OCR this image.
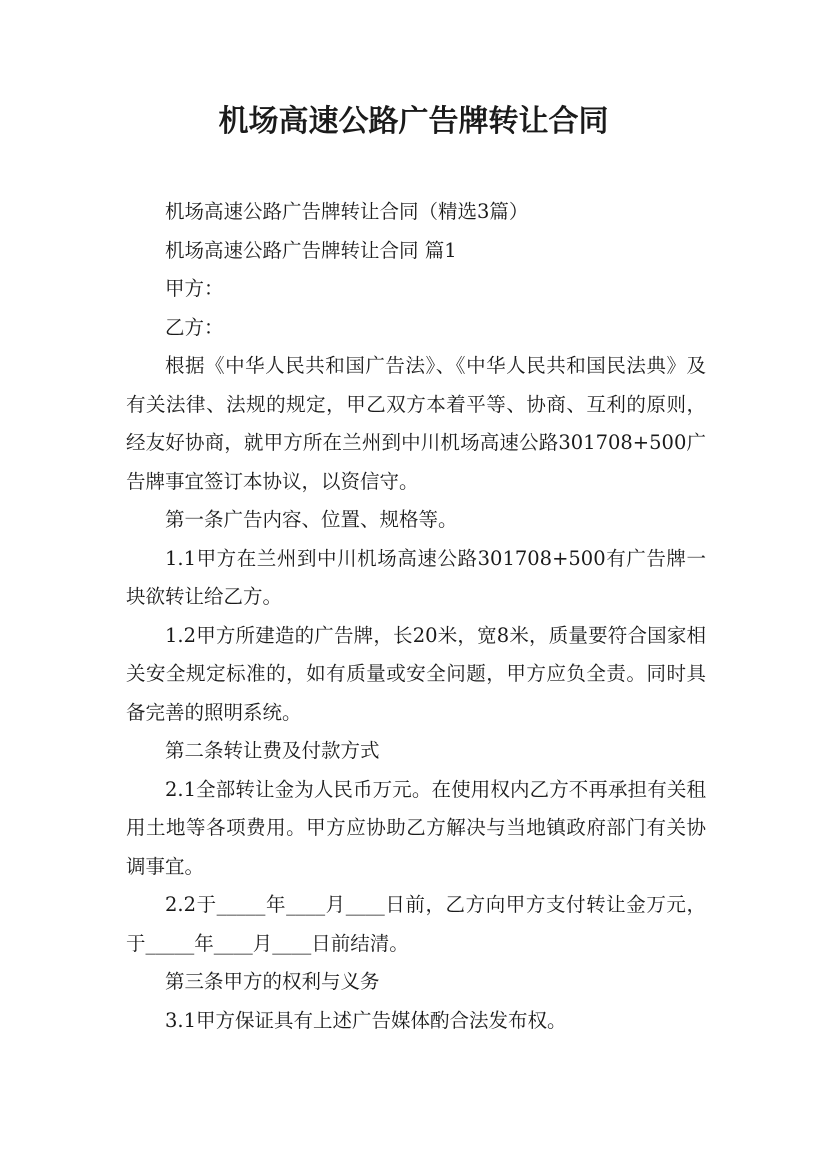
机场高速公路广告牌转让合同

机场高速公路广告牌转让合同（精选3篇）

机场高速公路广告牌转让合同 篇1

甲方：

乙方：

根据《中华人民共和国广告法》、《中华人民共和国民法典》及有关法律、法规的规定，甲乙双方本着平等、协商、互利的原则，经友好协商，就甲方所在兰州到中川机场高速公路301708+500广告牌事宜签订本协议，以资信守。

第一条广告内容、位置、规格等。

1.1甲方在兰州到中川机场高速公路301708+500有广告牌一块欲转让给乙方。

1.2甲方所建造的广告牌，长20米，宽8米，质量要符合国家相关安全规定标准的，如有质量或安全问题，甲方应负全责。同时具备完善的照明系统。

第二条转让费及付款方式

2.1全部转让金为人民币万元。在使用权内乙方不再承担有关租用土地等各项费用。甲方应协助乙方解决与当地镇政府部门有关协调事宜。

2.2于_____年____月____日前，乙方向甲方支付转让金万元，于_____年____月____日前结清。

第三条甲方的权利与义务

3.1甲方保证具有上述广告媒体酌合法发布权。
